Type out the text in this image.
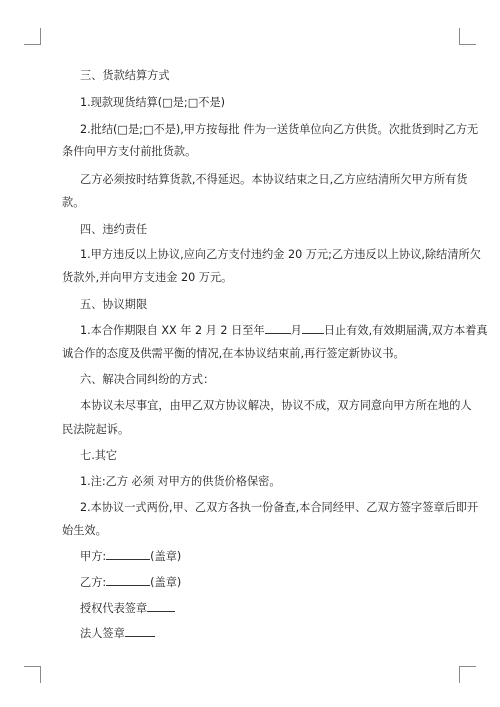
三、货款结算方式
1.现款现货结算(□是;□不是)
2.批结(□是;□不是),甲方按每批 件为一送货单位向乙方供货。次批货到时乙方无
条件向甲方支付前批货款。
乙方必须按时结算货款,不得延迟。本协议结束之日,乙方应结清所欠甲方所有货
款。
四、违约责任
1.甲方违反以上协议,应向乙方支付违约金 20 万元;乙方违反以上协议,除结清所欠
货款外,并向甲方支违金 20 万元。
五、协议期限
1.本合作期限自 XX 年 2 月 2 日至年 月 日止有效,有效期届满,双方本着真
诚合作的态度及供需平衡的情况,在本协议结束前,再行签定新协议书。
六、解决合同纠纷的方式：
本协议未尽事宜，由甲乙双方协议解决，协议不成，双方同意向甲方所在地的人
民法院起诉。
七.其它
1.注:乙方 必须 对甲方的供货价格保密。
2.本协议一式两份,甲、乙双方各执一份备查,本合同经甲、乙双方签字签章后即开
始生效。
甲方:	(盖章)
乙方:	(盖章)
授权代表签章
法人签章
